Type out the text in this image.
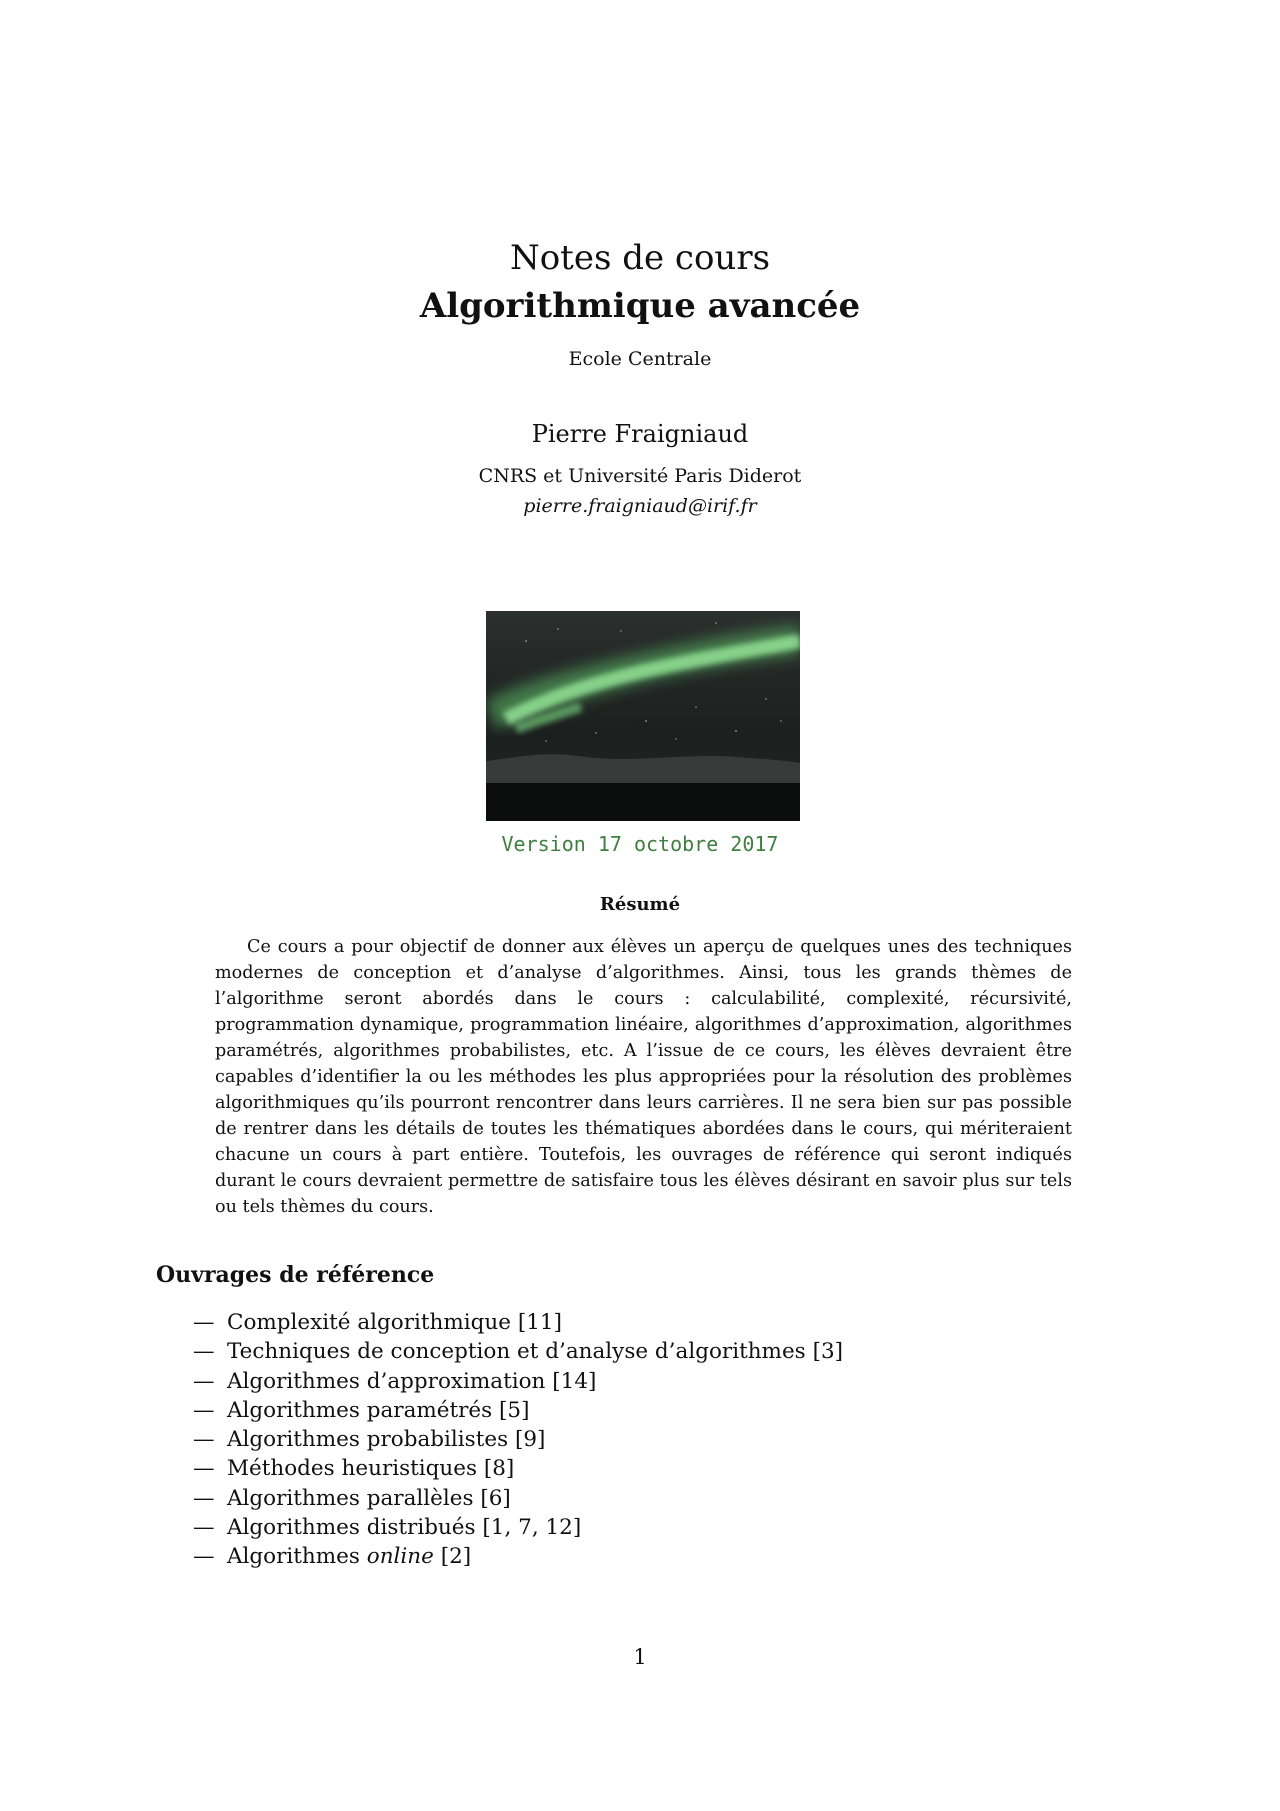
Notes de cours
Algorithmique avancée
Ecole Centrale
Pierre Fraigniaud
CNRS et Université Paris Diderot
pierre.fraigniaud@irif.fr
Version 17 octobre 2017
Résumé

Ce cours a pour objectif de donner aux élèves un aperçu de quelques unes des techniques modernes de conception et d’analyse d’algorithmes. Ainsi, tous les grands thèmes de l’algorithme seront abordés dans le cours : calculabilité, complexité, récursivité, programmation dynamique, programmation linéaire, algorithmes d’approximation, algorithmes paramétrés, algorithmes probabilistes, etc. A l’issue de ce cours, les élèves devraient être capables d’identifier la ou les méthodes les plus appropriées pour la résolution des problèmes algorithmiques qu’ils pourront rencontrer dans leurs carrières. Il ne sera bien sur pas possible de rentrer dans les détails de toutes les thématiques abordées dans le cours, qui mériteraient chacune un cours à part entière. Toutefois, les ouvrages de référence qui seront indiqués durant le cours devraient permettre de satisfaire tous les élèves désirant en savoir plus sur tels ou tels thèmes du cours.

Ouvrages de référence
— Complexité algorithmique [11]
— Techniques de conception et d’analyse d’algorithmes [3]
— Algorithmes d’approximation [14]
— Algorithmes paramétrés [5]
— Algorithmes probabilistes [9]
— Méthodes heuristiques [8]
— Algorithmes parallèles [6]
— Algorithmes distribués [1, 7, 12]
— Algorithmes online [2]
1
